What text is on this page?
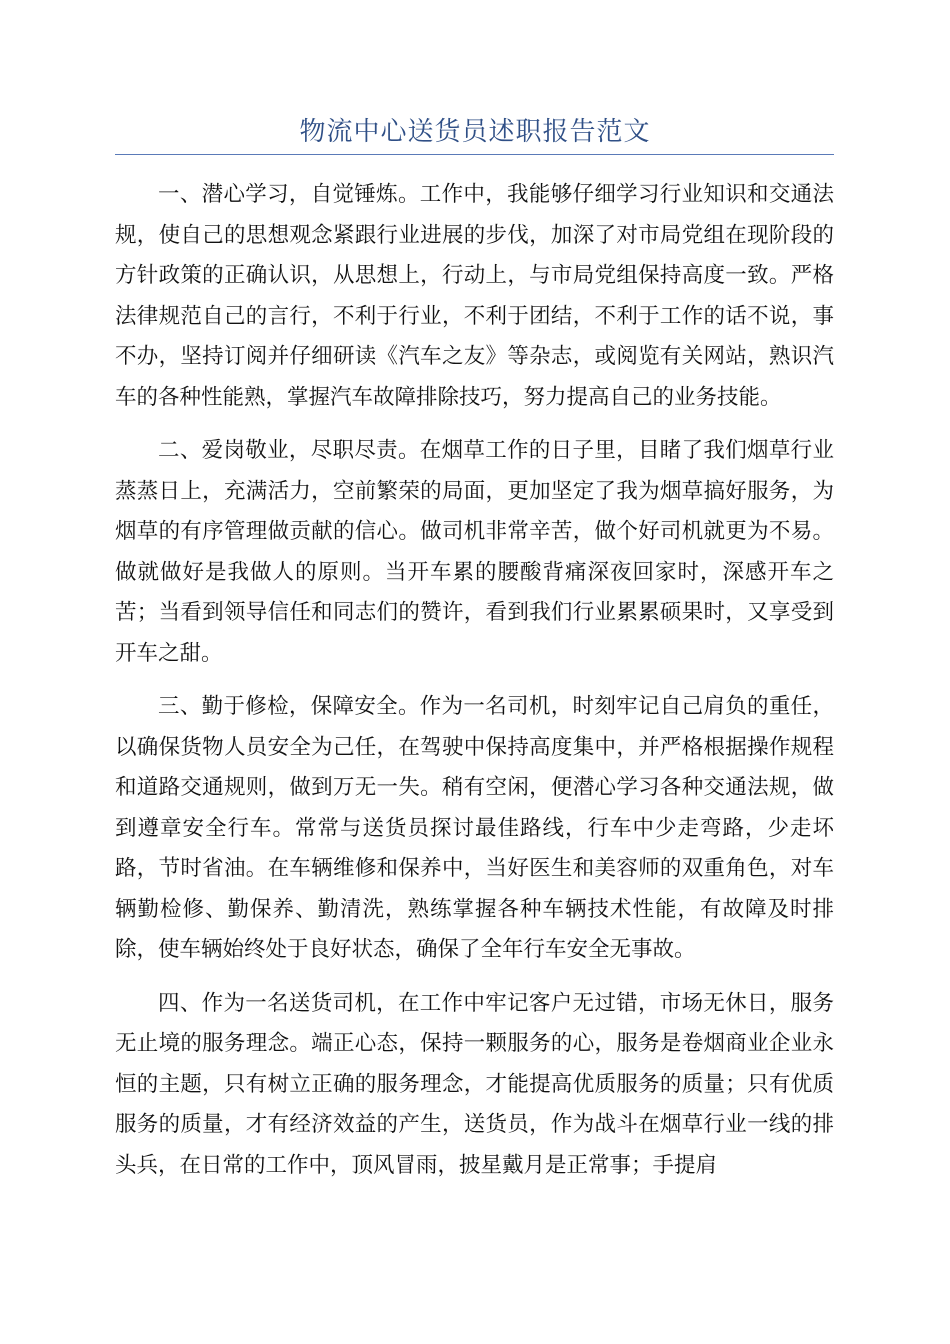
物流中心送货员述职报告范文

一、潜心学习，自觉锤炼。工作中，我能够仔细学习行业知识和交通法规，使自己的思想观念紧跟行业进展的步伐，加深了对市局党组在现阶段的方针政策的正确认识，从思想上，行动上，与市局党组保持高度一致。严格法律规范自己的言行，不利于行业，不利于团结，不利于工作的话不说，事不办，坚持订阅并仔细研读《汽车之友》等杂志，或阅览有关网站，熟识汽车的各种性能熟，掌握汽车故障排除技巧，努力提高自己的业务技能。

二、爱岗敬业，尽职尽责。在烟草工作的日子里，目睹了我们烟草行业蒸蒸日上，充满活力，空前繁荣的局面，更加坚定了我为烟草搞好服务，为烟草的有序管理做贡献的信心。做司机非常辛苦，做个好司机就更为不易。做就做好是我做人的原则。当开车累的腰酸背痛深夜回家时，深感开车之苦；当看到领导信任和同志们的赞许，看到我们行业累累硕果时，又享受到开车之甜。

三、勤于修检，保障安全。作为一名司机，时刻牢记自己肩负的重任，以确保货物人员安全为己任，在驾驶中保持高度集中，并严格根据操作规程和道路交通规则，做到万无一失。稍有空闲，便潜心学习各种交通法规，做到遵章安全行车。常常与送货员探讨最佳路线，行车中少走弯路，少走坏路，节时省油。在车辆维修和保养中，当好医生和美容师的双重角色，对车辆勤检修、勤保养、勤清洗，熟练掌握各种车辆技术性能，有故障及时排除，使车辆始终处于良好状态，确保了全年行车安全无事故。

四、作为一名送货司机，在工作中牢记客户无过错，市场无休日，服务无止境的服务理念。端正心态，保持一颗服务的心，服务是卷烟商业企业永恒的主题，只有树立正确的服务理念，才能提高优质服务的质量；只有优质服务的质量，才有经济效益的产生，送货员，作为战斗在烟草行业一线的排头兵，在日常的工作中，顶风冒雨，披星戴月是正常事；手提肩
